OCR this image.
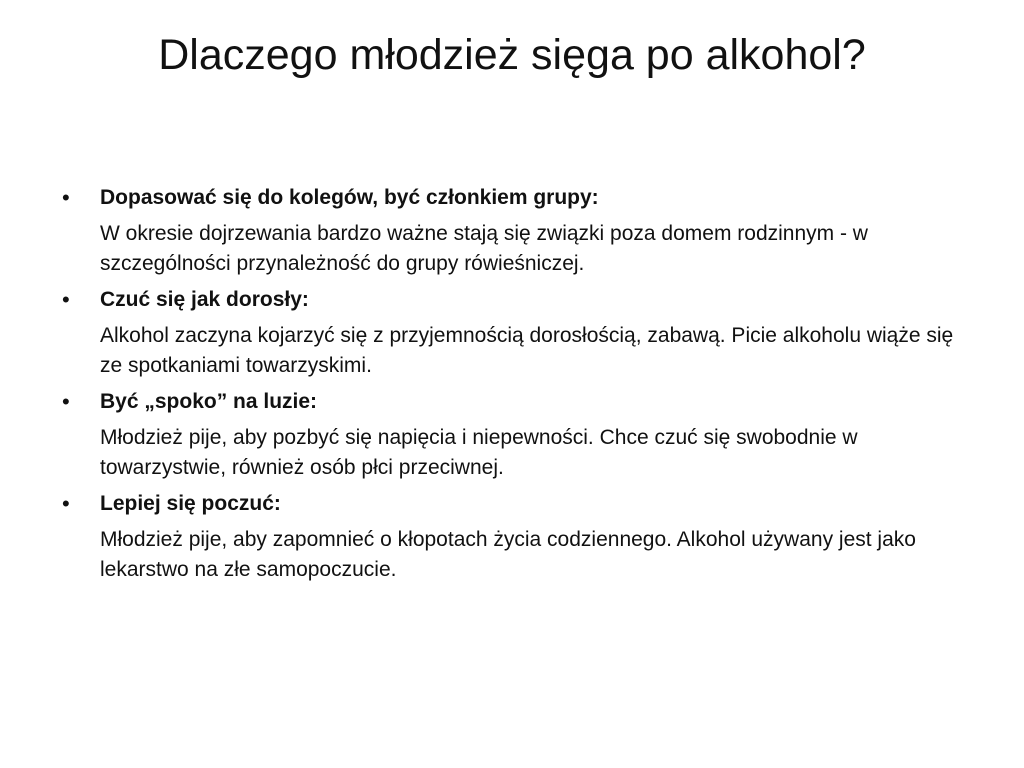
Dlaczego młodzież sięga po alkohol?
• Dopasować się do kolegów, być członkiem grupy:
W okresie dojrzewania bardzo ważne stają się związki poza domem rodzinnym - w szczególności przynależność do grupy rówieśniczej.
• Czuć się jak dorosły:
Alkohol zaczyna kojarzyć się z przyjemnością dorosłością, zabawą. Picie alkoholu wiąże się ze spotkaniami towarzyskimi.
• Być „spoko” na luzie:
Młodzież pije, aby pozbyć się napięcia i niepewności. Chce czuć się swobodnie w towarzystwie, również osób płci przeciwnej.
• Lepiej się poczuć:
Młodzież pije, aby zapomnieć o kłopotach życia codziennego. Alkohol używany jest jako lekarstwo na złe samopoczucie.
